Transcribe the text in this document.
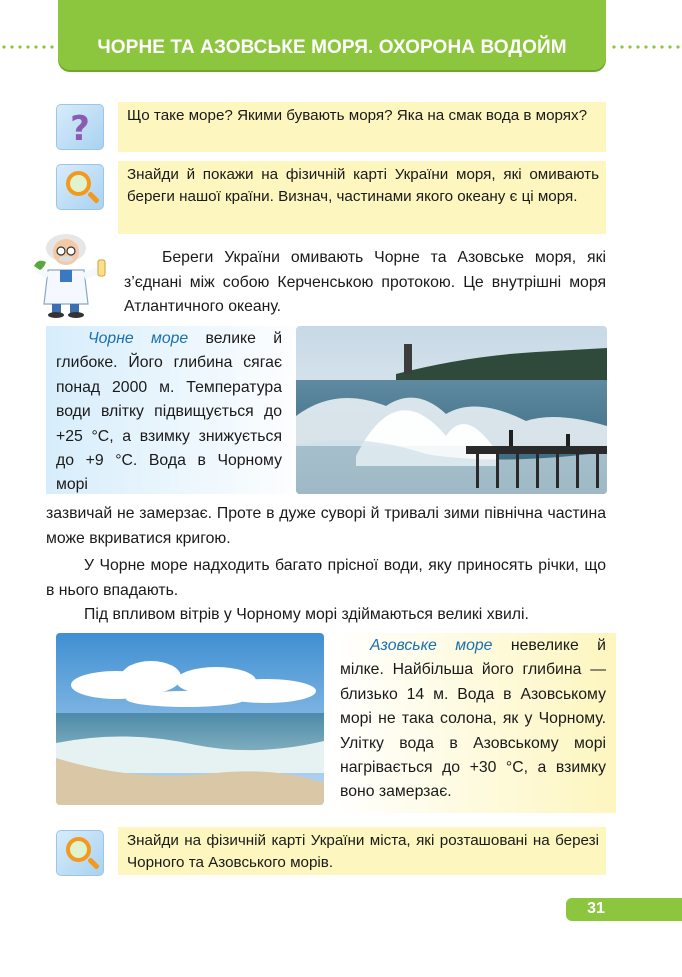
ЧОРНЕ ТА АЗОВСЬКЕ МОРЯ. ОХОРОНА ВОДОЙМ
?	Що таке море? Якими бувають моря? Яка на смак вода в морях?
Знайди й покажи на фізичній карті України моря, які омивають береги нашої країни. Визнач, частинами якого океану є ці моря.
Береги України омивають Чорне та Азовське моря, які з’єднані між собою Керченською протокою. Це внутрішні моря Атлантичного океану.
Чорне море велике й глибоке. Його глибина сягає понад 2000 м. Температура води влітку підвищується до +25 °С, а взимку знижується до +9 °С. Вода в Чорному морі
зазвичай не замерзає. Проте в дуже суворі й тривалі зими північна частина може вкриватися кригою.
У Чорне море надходить багато прісної води, яку приносять річки, що в нього впадають.
Під впливом вітрів у Чорному морі здіймаються великі хвилі.
Азовське море невелике й мілке. Найбільша його глибина — близько 14 м. Вода в Азовському морі не така солона, як у Чорному. Улітку вода в Азовському морі нагрівається до +30 °С, а взимку воно замерзає.
Знайди на фізичній карті України міста, які розташовані на березі Чорного та Азовського морів.
31
